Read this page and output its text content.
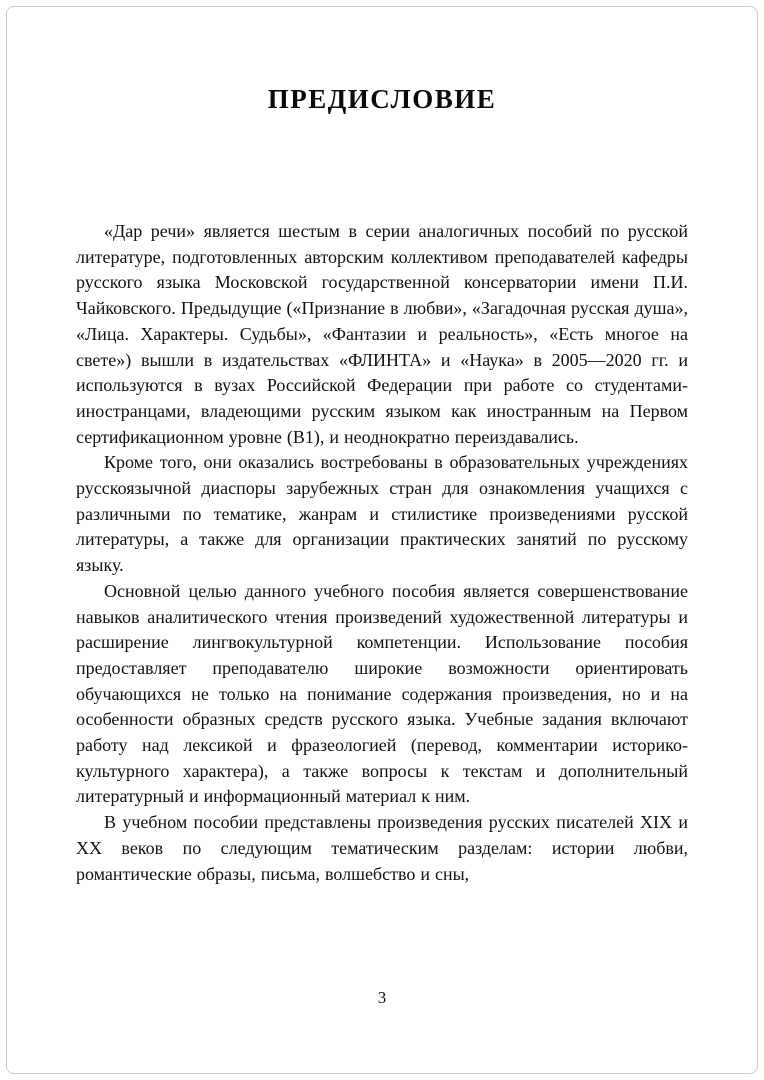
ПРЕДИСЛОВИЕ

«Дар речи» является шестым в серии аналогичных пособий по русской литературе, подготовленных авторским коллективом преподавателей кафедры русского языка Московской государственной консерватории имени П.И. Чайковского. Предыдущие («Признание в любви», «Загадочная русская душа», «Лица. Характеры. Судьбы», «Фантазии и реальность», «Есть многое на свете») вышли в издательствах «ФЛИНТА» и «Наука» в 2005—2020 гг. и используются в вузах Российской Федерации при работе со студентами-иностранцами, владеющими русским языком как иностранным на Первом сертификационном уровне (В1), и неоднократно переиздавались.

Кроме того, они оказались востребованы в образовательных учреждениях русскоязычной диаспоры зарубежных стран для ознакомления учащихся с различными по тематике, жанрам и стилистике произведениями русской литературы, а также для организации практических занятий по русскому языку.

Основной целью данного учебного пособия является совершенствование навыков аналитического чтения произведений художественной литературы и расширение лингвокультурной компетенции. Использование пособия предоставляет преподавателю широкие возможности ориентировать обучающихся не только на понимание содержания произведения, но и на особенности образных средств русского языка. Учебные задания включают работу над лексикой и фразеологией (перевод, комментарии историко-культурного характера), а также вопросы к текстам и дополнительный литературный и информационный материал к ним.

В учебном пособии представлены произведения русских писателей XIX и XX веков по следующим тематическим разделам: истории любви, романтические образы, письма, волшебство и сны,

3
